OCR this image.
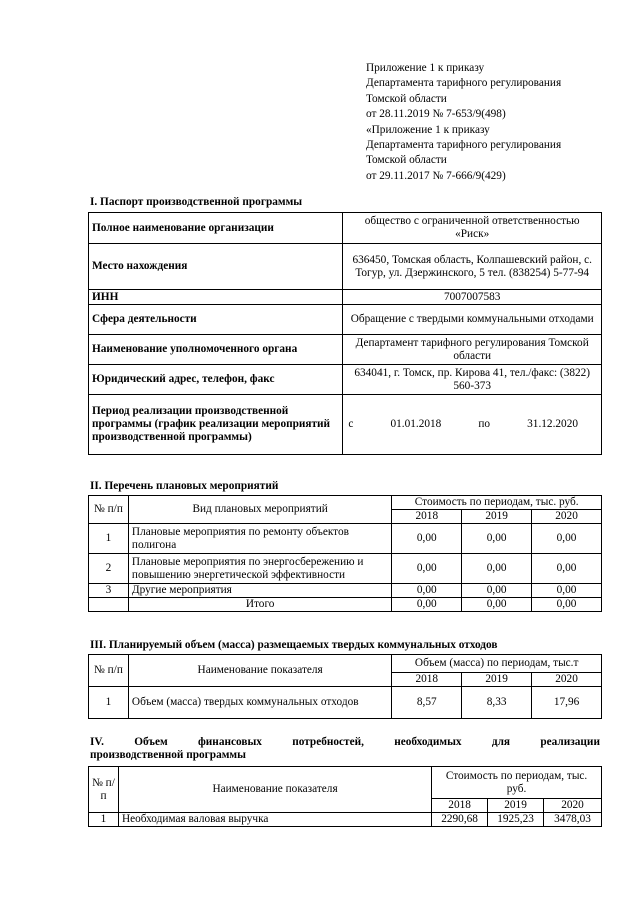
Приложение 1 к приказу
Департамента тарифного регулирования
Томской области
от 28.11.2019 № 7-653/9(498)
«Приложение 1 к приказу
Департамента тарифного регулирования
Томской области
от 29.11.2017 № 7-666/9(429)
I. Паспорт производственной программы
Полное наименование организации	общество с ограниченной ответственностью «Риск»
Место нахождения	636450, Томская область, Колпашевский район, с. Тогур, ул. Дзержинского, 5 тел. (838254) 5-77-94
ИНН	7007007583
Сфера деятельности	Обращение с твердыми коммунальными отходами
Наименование уполномоченного органа	Департамент тарифного регулирования Томской области
Юридический адрес, телефон, факс	634041, г. Томск, пр. Кирова 41, тел./факс: (3822) 560-373
Период реализации производственной программы (график реализации мероприятий производственной программы)	с 01.01.2018 по 31.12.2020
II. Перечень плановых мероприятий
№ п/п	Вид плановых мероприятий	Стоимость по периодам, тыс. руб.		
		2018	2019	2020
1	Плановые мероприятия по ремонту объектов полигона	0,00	0,00	0,00
2	Плановые мероприятия по энергосбережению и повышению энергетической эффективности	0,00	0,00	0,00
3	Другие мероприятия	0,00	0,00	0,00
	Итого	0,00	0,00	0,00
III. Планируемый объем (масса) размещаемых твердых коммунальных отходов
№ п/п	Наименование показателя	Объем (масса) по периодам, тыс.т		
		2018	2019	2020
1	Объем (масса) твердых коммунальных отходов	8,57	8,33	17,96
IV.	Объем	финансовых	потребностей,	необходимых	для	реализации
производственной программы
№ п/п	Наименование показателя	Стоимость по периодам, тыс. руб.		
		2018	2019	2020
1	Необходимая валовая выручка	2290,68	1925,23	3478,03
